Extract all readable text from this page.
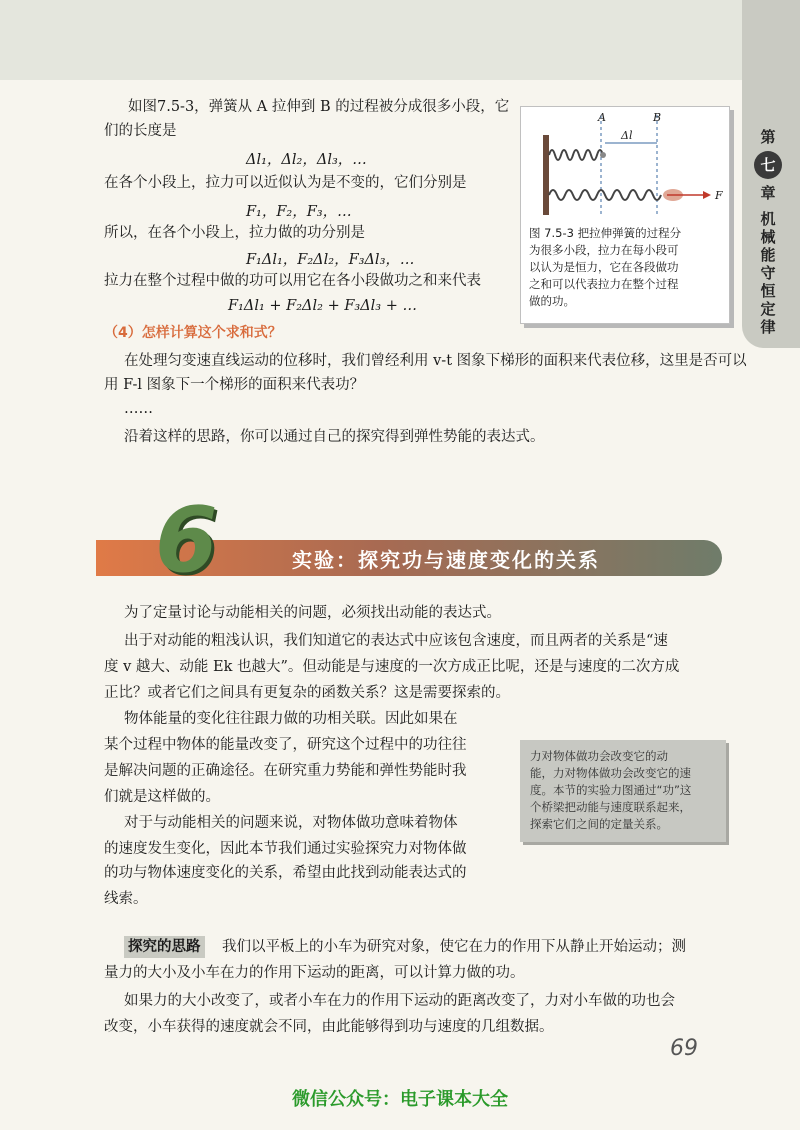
第
七
章
机
械
能
守
恒
定
律
如图7.5-3，弹簧从 A 拉伸到 B 的过程被分成很多小段，它
们的长度是
Δl₁，Δl₂，Δl₃，…
在各个小段上，拉力可以近似认为是不变的，它们分别是
F₁，F₂，F₃，…
所以，在各个小段上，拉力做的功分别是
F₁Δl₁，F₂Δl₂，F₃Δl₃，…
拉力在整个过程中做的功可以用它在各小段做功之和来代表
F₁Δl₁ + F₂Δl₂ + F₃Δl₃ + …
（4）怎样计算这个求和式？
在处理匀变速直线运动的位移时，我们曾经利用 v-t 图象下梯形的面积来代表位移，这里是否可以
用 F-l 图象下一个梯形的面积来代表功？
……
沿着这样的思路，你可以通过自己的探究得到弹性势能的表达式。
A	B
Δl
F
图 7.5-3 把拉伸弹簧的过程分
为很多小段，拉力在每小段可
以认为是恒力，它在各段做功
之和可以代表拉力在整个过程
做的功。
实验：探究功与速度变化的关系
6
为了定量讨论与动能相关的问题，必须找出动能的表达式。
出于对动能的粗浅认识，我们知道它的表达式中应该包含速度，而且两者的关系是“速
度 v 越大、动能 Ek 也越大”。但动能是与速度的一次方成正比呢，还是与速度的二次方成
正比？或者它们之间具有更复杂的函数关系？这是需要探索的。
物体能量的变化往往跟力做的功相关联。因此如果在
某个过程中物体的能量改变了，研究这个过程中的功往往
是解决问题的正确途径。在研究重力势能和弹性势能时我
们就是这样做的。
对于与动能相关的问题来说，对物体做功意味着物体
的速度发生变化，因此本节我们通过实验探究力对物体做
的功与物体速度变化的关系，希望由此找到动能表达式的
线索。
力对物体做功会改变它的动
能，力对物体做功会改变它的速
度。本节的实验力图通过“功”这
个桥梁把动能与速度联系起来，
探索它们之间的定量关系。
探究的思路 我们以平板上的小车为研究对象，使它在力的作用下从静止开始运动；测
量力的大小及小车在力的作用下运动的距离，可以计算力做的功。
如果力的大小改变了，或者小车在力的作用下运动的距离改变了，力对小车做的功也会
改变，小车获得的速度就会不同，由此能够得到功与速度的几组数据。
69
微信公众号：电子课本大全
